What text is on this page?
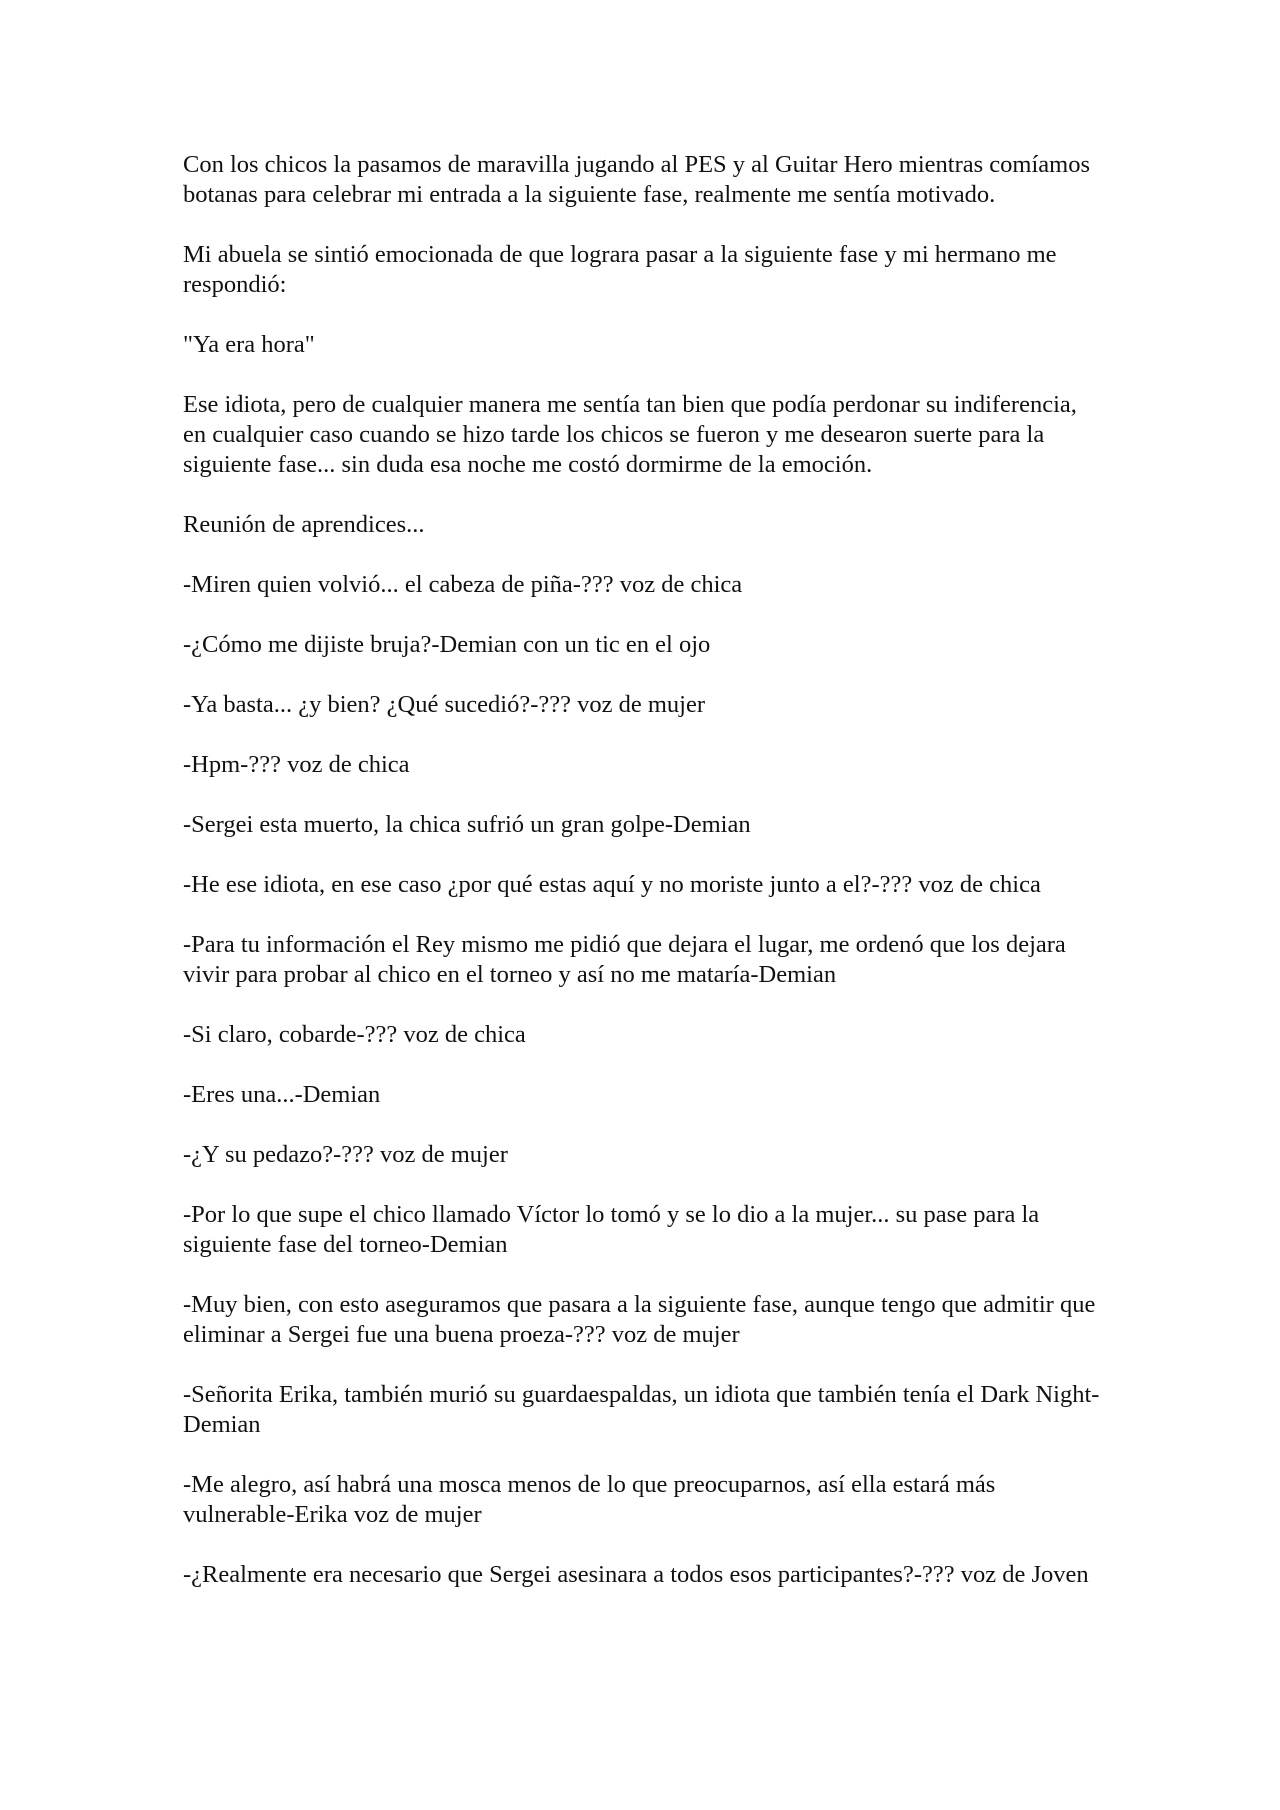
Con los chicos la pasamos de maravilla jugando al PES y al Guitar Hero mientras comíamos botanas para celebrar mi entrada a la siguiente fase, realmente me sentía motivado.

Mi abuela se sintió emocionada de que lograra pasar a la siguiente fase y mi hermano me respondió:

"Ya era hora"

Ese idiota, pero de cualquier manera me sentía tan bien que podía perdonar su indiferencia, en cualquier caso cuando se hizo tarde los chicos se fueron y me desearon suerte para la siguiente fase... sin duda esa noche me costó dormirme de la emoción.

Reunión de aprendices...

-Miren quien volvió... el cabeza de piña-??? voz de chica

-¿Cómo me dijiste bruja?-Demian con un tic en el ojo

-Ya basta... ¿y bien? ¿Qué sucedió?-??? voz de mujer

-Hpm-??? voz de chica

-Sergei esta muerto, la chica sufrió un gran golpe-Demian

-He ese idiota, en ese caso ¿por qué estas aquí y no moriste junto a el?-??? voz de chica

-Para tu información el Rey mismo me pidió que dejara el lugar, me ordenó que los dejara vivir para probar al chico en el torneo y así no me mataría-Demian

-Si claro, cobarde-??? voz de chica

-Eres una...-Demian

-¿Y su pedazo?-??? voz de mujer

-Por lo que supe el chico llamado Víctor lo tomó y se lo dio a la mujer... su pase para la siguiente fase del torneo-Demian

-Muy bien, con esto aseguramos que pasara a la siguiente fase, aunque tengo que admitir que eliminar a Sergei fue una buena proeza-??? voz de mujer

-Señorita Erika, también murió su guardaespaldas, un idiota que también tenía el Dark Night-Demian

-Me alegro, así habrá una mosca menos de lo que preocuparnos, así ella estará más vulnerable-Erika voz de mujer

-¿Realmente era necesario que Sergei asesinara a todos esos participantes?-??? voz de Joven
